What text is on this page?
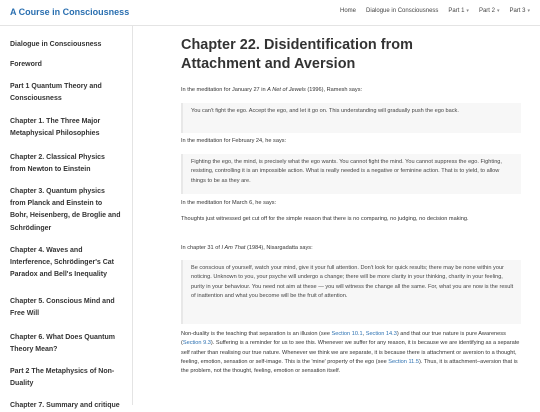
A Course in Consciousness	Home Dialogue in Consciousness Part 1 ▾ Part 2 ▾ Part 3 ▾
Dialogue in Consciousness
Foreword
Part 1 Quantum Theory and Consciousness
Chapter 1. The Three Major Metaphysical Philosophies
Chapter 2. Classical Physics from Newton to Einstein
Chapter 3. Quantum physics from Planck and Einstein to Bohr, Heisenberg, de Broglie and Schrödinger
Chapter 4. Waves and Interference, Schrödinger's Cat Paradox and Bell's Inequality
Chapter 5. Conscious Mind and Free Will
Chapter 6. What Does Quantum Theory Mean?
Part 2 The Metaphysics of Non-Duality
Chapter 7. Summary and critique
Chapter 22. Disidentification from
Attachment and Aversion

In the meditation for January 27 in A Net of Jewels (1996), Ramesh says:

You can't fight the ego. Accept the ego, and let it go on. This understanding will gradually push the ego back.

In the meditation for February 24, he says:

Fighting the ego, the mind, is precisely what the ego wants. You cannot fight the mind. You cannot suppress the ego. Fighting, resisting, controlling it is an impossible action. What is really needed is a negative or feminine action. That is to yield, to allow things to be as they are.

In the meditation for March 6, he says:

Thoughts just witnessed get cut off for the simple reason that there is no comparing, no judging, no decision making.

In chapter 31 of I Am That (1984), Nisargadatta says:

Be conscious of yourself, watch your mind, give it your full attention. Don't look for quick results; there may be none within your noticing. Unknown to you, your psyche will undergo a change; there will be more clarity in your thinking, charity in your feeling, purity in your behaviour. You need not aim at these — you will witness the change all the same. For, what you are now is the result of inattention and what you become will be the fruit of attention.

Non-duality is the teaching that separation is an illusion (see Section 10.1, Section 14.3) and that our true nature is pure Awareness (Section 9.3). Suffering is a reminder for us to see this. Whenever we suffer for any reason, it is because we are identifying as a separate self rather than realising our true nature. Whenever we think we are separate, it is because there is attachment or aversion to a thought, feeling, emotion, sensation or self-image. This is the 'mine' property of the ego (see Section 11.5). Thus, it is attachment–aversion that is the problem, not the thought, feeling, emotion or sensation itself.
